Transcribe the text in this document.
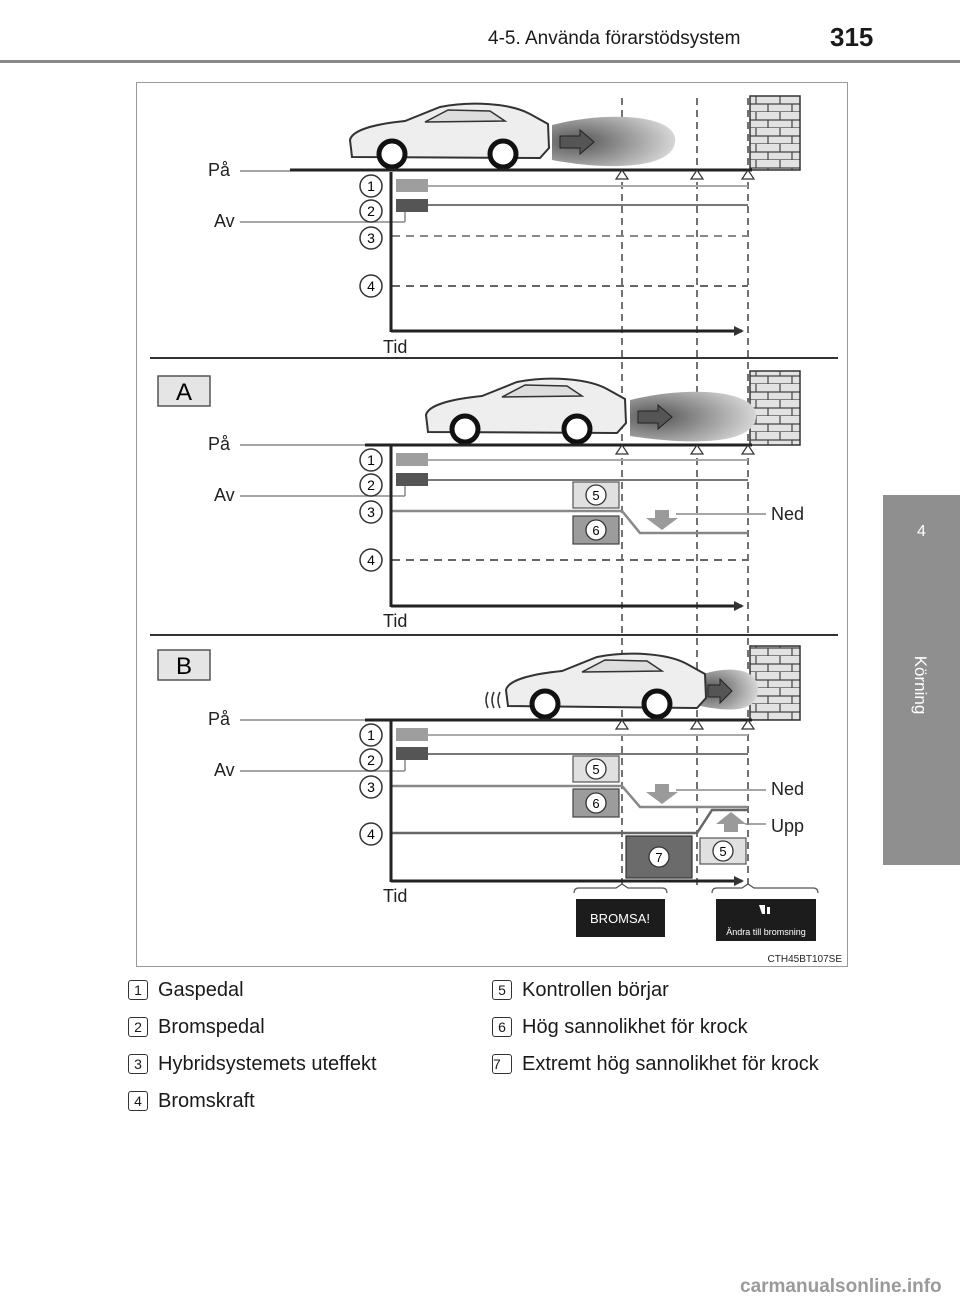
4-5. Använda förarstödsystem	315
4
Körning
På
Av
Tid
1
2
3
4
A
På
Av
Ned
5
6
Tid
1
2
3
4
B
På
Av
Ned
Upp
5
6
7	5
Tid
1
2
3
4
BROMSA!
Ändra till bromsning
CTH45BT107SE
1 Gaspedal
2 Bromspedal
3 Hybridsystemets uteffekt
4 Bromskraft
5 Kontrollen börjar
6 Hög sannolikhet för krock
7	Extremt hög sannolikhet för krock
carmanualsonline.info
